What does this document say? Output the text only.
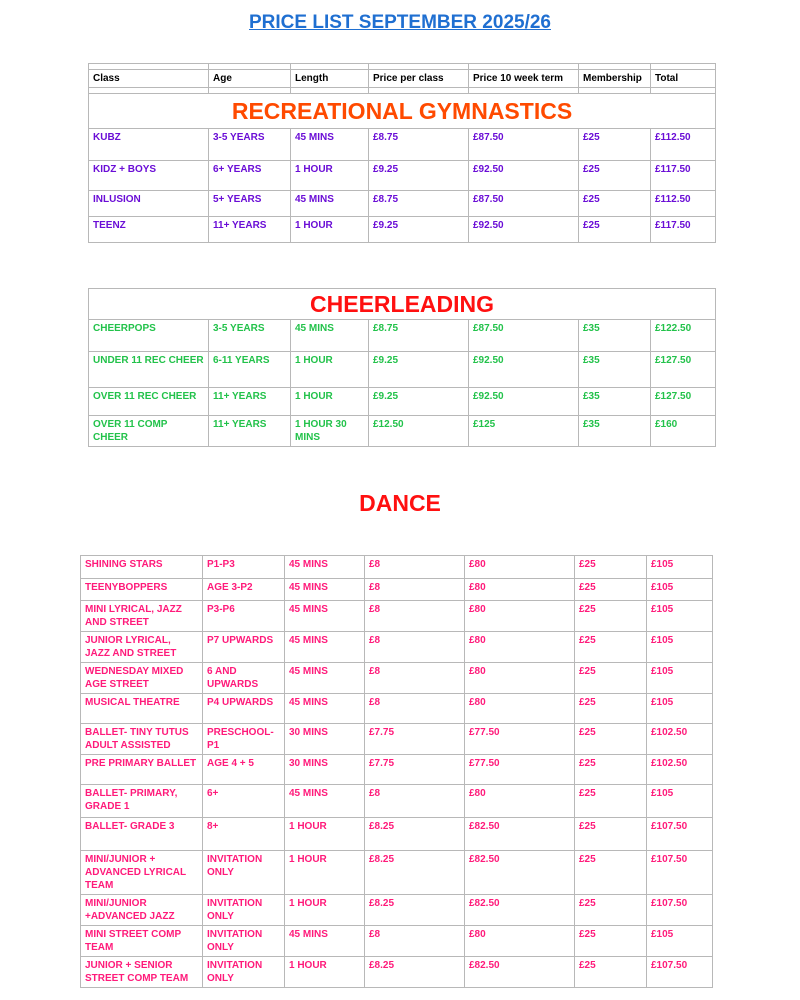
PRICE LIST SEPTEMBER 2025/26

Class	Age	Length	Price per class	Price 10 week term	Membership	Total

RECREATIONAL GYMNASTICS						
KUBZ	3-5 YEARS	45 MINS	£8.75	£87.50	£25	£112.50
KIDZ + BOYS	6+ YEARS	1 HOUR	£9.25	£92.50	£25	£117.50
INLUSION	5+ YEARS	45 MINS	£8.75	£87.50	£25	£112.50
TEENZ	11+ YEARS	1 HOUR	£9.25	£92.50	£25	£117.50
CHEERLEADING						
CHEERPOPS	3-5 YEARS	45 MINS	£8.75	£87.50	£35	£122.50
UNDER 11 REC CHEER	6-11 YEARS	1 HOUR	£9.25	£92.50	£35	£127.50
OVER 11 REC CHEER	11+ YEARS	1 HOUR	£9.25	£92.50	£35	£127.50
OVER 11 COMP CHEER	11+ YEARS	1 HOUR 30 MINS	£12.50	£125	£35	£160
DANCE
SHINING STARS	P1-P3	45 MINS	£8	£80	£25	£105
TEENYBOPPERS	AGE 3-P2	45 MINS	£8	£80	£25	£105
MINI LYRICAL, JAZZ AND STREET	P3-P6	45 MINS	£8	£80	£25	£105
JUNIOR LYRICAL, JAZZ AND STREET	P7 UPWARDS	45 MINS	£8	£80	£25	£105
WEDNESDAY MIXED AGE STREET	6 AND UPWARDS	45 MINS	£8	£80	£25	£105
MUSICAL THEATRE	P4 UPWARDS	45 MINS	£8	£80	£25	£105
BALLET- TINY TUTUS ADULT ASSISTED	PRESCHOOL-P1	30 MINS	£7.75	£77.50	£25	£102.50
PRE PRIMARY BALLET	AGE 4 + 5	30 MINS	£7.75	£77.50	£25	£102.50
BALLET- PRIMARY, GRADE 1	6+	45 MINS	£8	£80	£25	£105
BALLET- GRADE 3	8+	1 HOUR	£8.25	£82.50	£25	£107.50
MINI/JUNIOR + ADVANCED LYRICAL TEAM	INVITATION ONLY	1 HOUR	£8.25	£82.50	£25	£107.50
MINI/JUNIOR +ADVANCED JAZZ	INVITATION ONLY	1 HOUR	£8.25	£82.50	£25	£107.50
MINI STREET COMP TEAM	INVITATION ONLY	45 MINS	£8	£80	£25	£105
JUNIOR + SENIOR STREET COMP TEAM	INVITATION ONLY	1 HOUR	£8.25	£82.50	£25	£107.50
